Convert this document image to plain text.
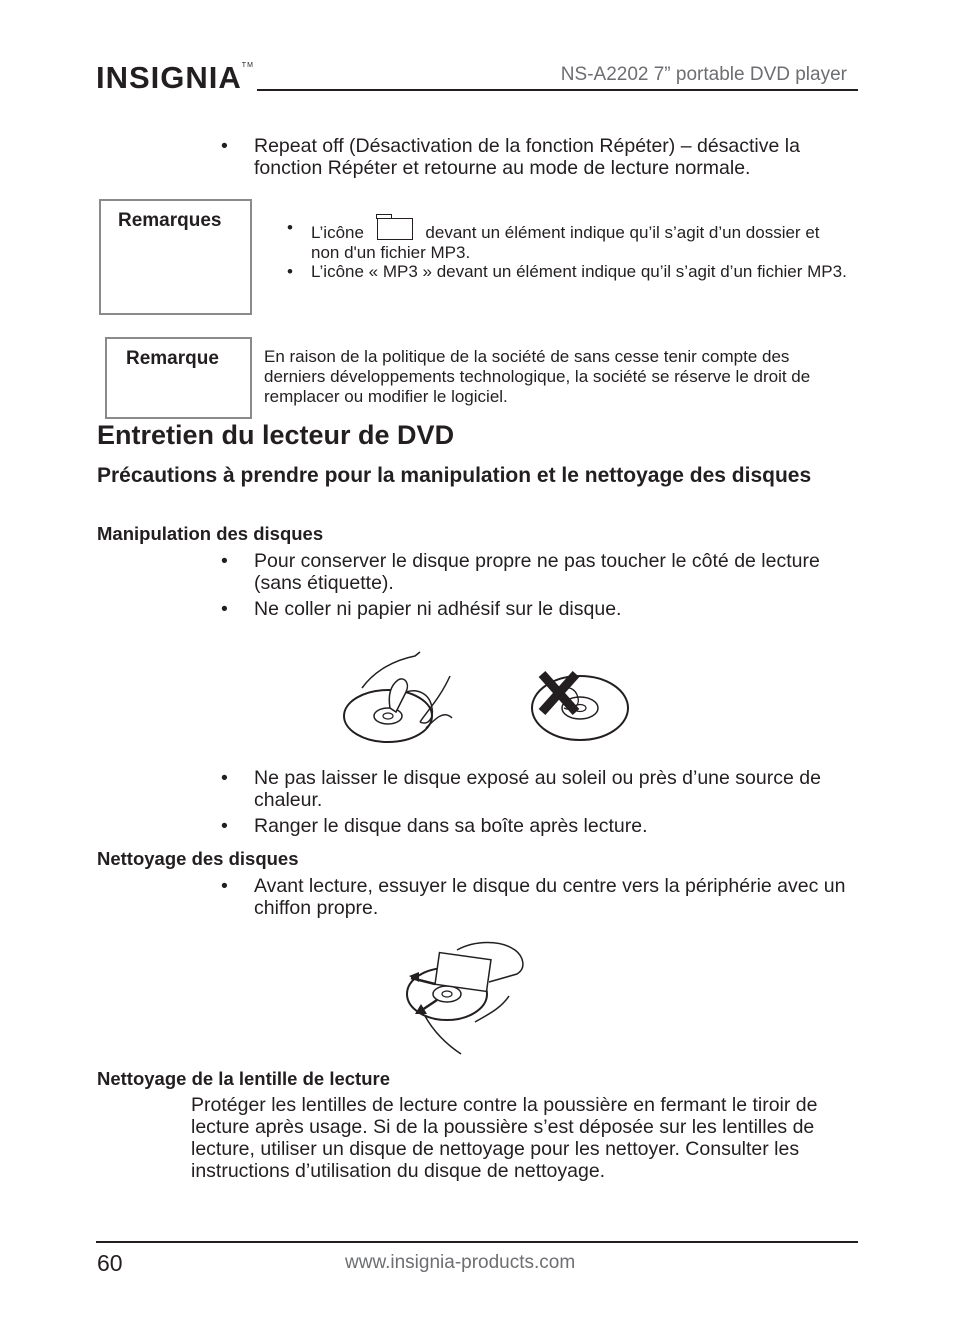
INSIGNIA™	NS-A2202 7” portable DVD player
• Repeat off (Désactivation de la fonction Répéter) – désactive la fonction Répéter et retourne au mode de lecture normale.
Remarques
• L’icône	devant un élément indique qu’il s’agit d’un dossier et non d'un fichier MP3.
• L’icône « MP3 » devant un élément indique qu’il s’agit d’un fichier MP3.
Remarque	En raison de la politique de la société de sans cesse tenir compte des derniers développements technologique, la société se réserve le droit de remplacer ou modifier le logiciel.
Entretien du lecteur de DVD
Précautions à prendre pour la manipulation et le nettoyage des disques
Manipulation des disques
• Pour conserver le disque propre ne pas toucher le côté de lecture (sans étiquette).
• Ne coller ni papier ni adhésif sur le disque.
• Ne pas laisser le disque exposé au soleil ou près d’une source de chaleur.
• Ranger le disque dans sa boîte après lecture.
Nettoyage des disques
• Avant lecture, essuyer le disque du centre vers la périphérie avec un chiffon propre.
Nettoyage de la lentille de lecture
Protéger les lentilles de lecture contre la poussière en fermant le tiroir de lecture après usage. Si de la poussière s’est déposée sur les lentilles de lecture, utiliser un disque de nettoyage pour les nettoyer. Consulter les instructions d’utilisation du disque de nettoyage.
60	www.insignia-products.com
